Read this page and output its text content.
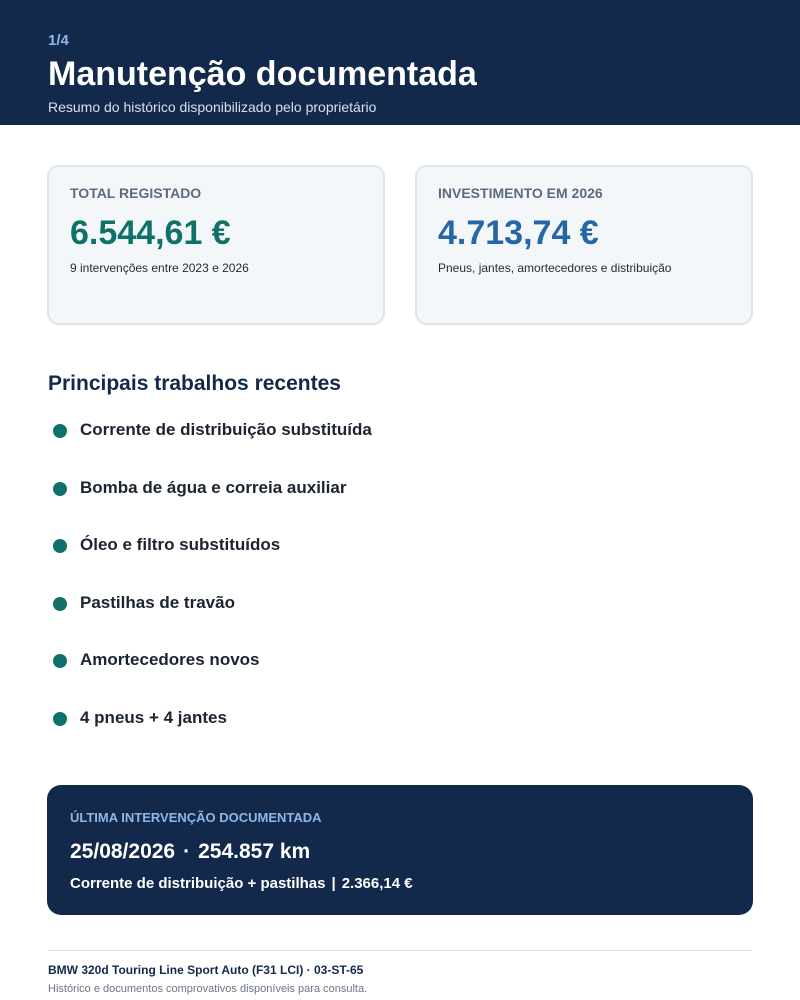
1/4
Manutenção documentada
Resumo do histórico disponibilizado pelo proprietário
TOTAL REGISTADO
6.544,61 €
9 intervenções entre 2023 e 2026
INVESTIMENTO EM 2026
4.713,74 €
Pneus, jantes, amortecedores e distribuição
Principais trabalhos recentes
Corrente de distribuição substituída
Bomba de água e correia auxiliar
Óleo e filtro substituídos
Pastilhas de travão
Amortecedores novos
4 pneus + 4 jantes
ÚLTIMA INTERVENÇÃO DOCUMENTADA
25/08/2026 · 254.857 km
Corrente de distribuição + pastilhas | 2.366,14 €
BMW 320d Touring Line Sport Auto (F31 LCI) · 03-ST-65
Histórico e documentos comprovativos disponíveis para consulta.
